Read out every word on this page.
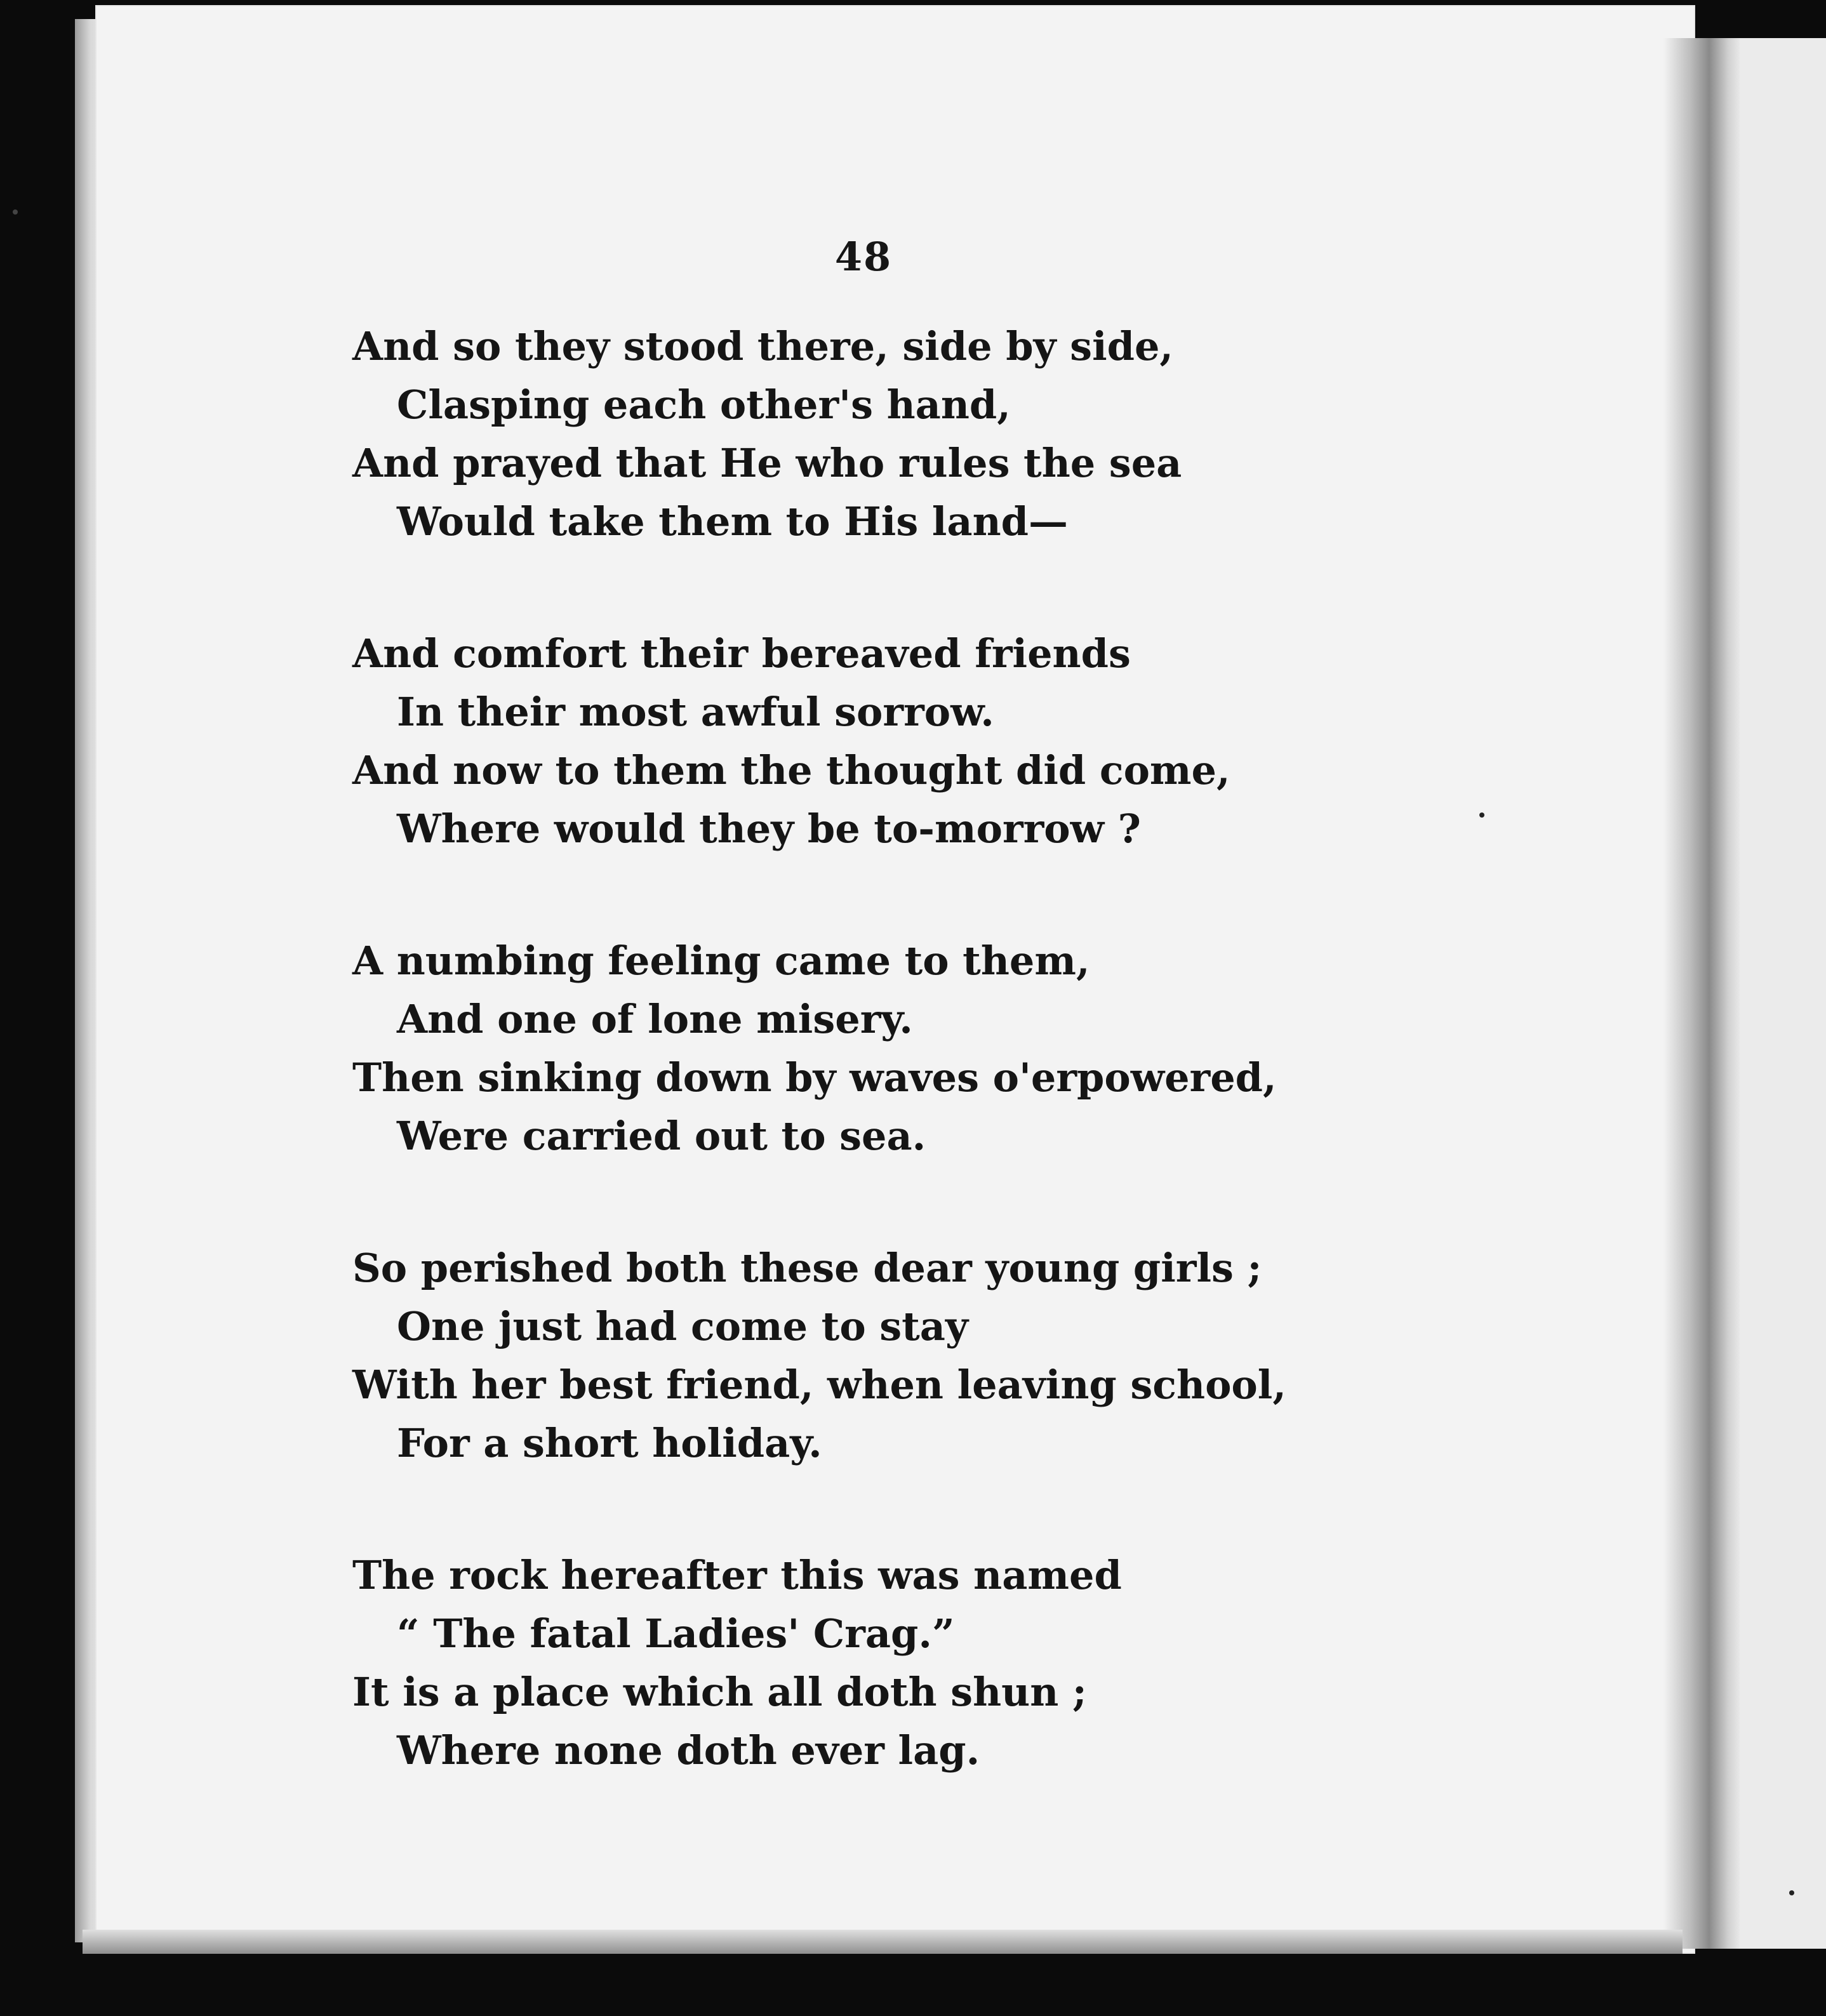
48
And so they stood there, side by side,
Clasping each other's hand,
And prayed that He who rules the sea
Would take them to His land—
And comfort their bereaved friends
In their most awful sorrow.
And now to them the thought did come,
Where would they be to-morrow ?
A numbing feeling came to them,
And one of lone misery.
Then sinking down by waves o'erpowered,
Were carried out to sea.
So perished both these dear young girls ;
One just had come to stay
With her best friend, when leaving school,
For a short holiday.
The rock hereafter this was named
“ The fatal Ladies' Crag.”
It is a place which all doth shun ;
Where none doth ever lag.
